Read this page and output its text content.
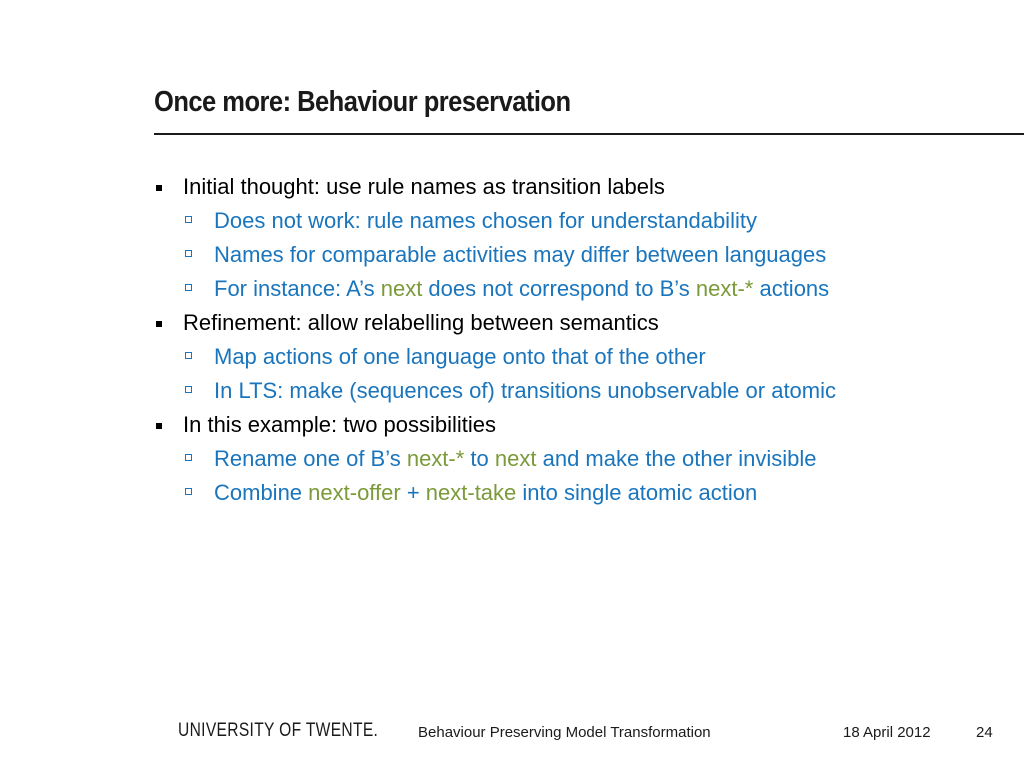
Once more: Behaviour preservation
Initial thought: use rule names as transition labels
Does not work: rule names chosen for understandability
Names for comparable activities may differ between languages
For instance: A’s next does not correspond to B’s next-* actions
Refinement: allow relabelling between semantics
Map actions of one language onto that of the other
In LTS: make (sequences of) transitions unobservable or atomic
In this example: two possibilities
Rename one of B’s next-* to next and make the other invisible
Combine next-offer + next-take into single atomic action
UNIVERSITY OF TWENTE.	Behaviour Preserving Model Transformation	18 April 2012	24
